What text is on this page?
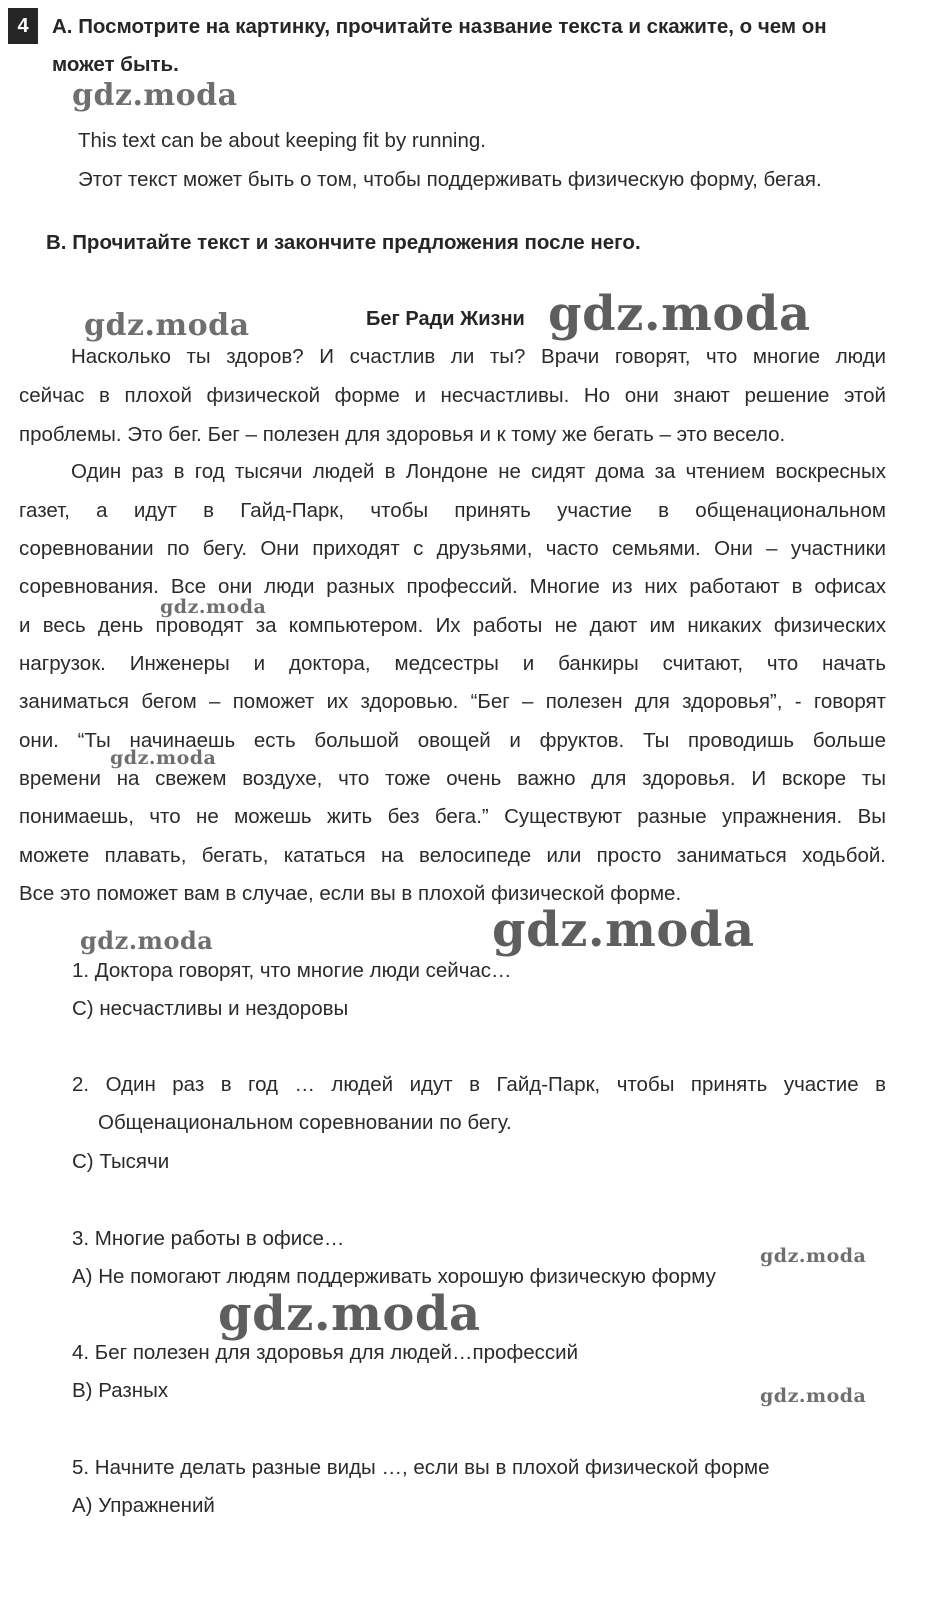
4	A. Посмотрите на картинку, прочитайте название текста и скажите, о чем он
может быть.
This text can be about keeping fit by running.
Этот текст может быть о том, чтобы поддерживать физическую форму, бегая.
B. Прочитайте текст и закончите предложения после него.
Бег Ради Жизни
Насколько ты здоров? И счастлив ли ты? Врачи говорят, что многие люди
сейчас в плохой физической форме и несчастливы. Но они знают решение этой
проблемы. Это бег. Бег – полезен для здоровья и к тому же бегать – это весело.
Один раз в год тысячи людей в Лондоне не сидят дома за чтением воскресных
газет, а идут в Гайд-Парк, чтобы принять участие в общенациональном
соревновании по бегу. Они приходят с друзьями, часто семьями. Они – участники
соревнования. Все они люди разных профессий. Многие из них работают в офисах
и весь день проводят за компьютером. Их работы не дают им никаких физических
нагрузок. Инженеры и доктора, медсестры и банкиры считают, что начать
заниматься бегом – поможет их здоровью. “Бег – полезен для здоровья”, - говорят
они. “Ты начинаешь есть большой овощей и фруктов. Ты проводишь больше
времени на свежем воздухе, что тоже очень важно для здоровья. И вскоре ты
понимаешь, что не можешь жить без бега.” Существуют разные упражнения. Вы
можете плавать, бегать, кататься на велосипеде или просто заниматься ходьбой.
Все это поможет вам в случае, если вы в плохой физической форме.
1. Доктора говорят, что многие люди сейчас…
C) несчастливы и нездоровы
2. Один раз в год … людей идут в Гайд-Парк, чтобы принять участие в
Общенациональном соревновании по бегу.
C) Тысячи
3. Многие работы в офисе…
A) Не помогают людям поддерживать хорошую физическую форму
4. Бег полезен для здоровья для людей…профессий
B) Разных
5. Начните делать разные виды …, если вы в плохой физической форме
A) Упражнений
gdz.moda
gdz.moda	gdz.moda
gdz.moda
gdz.moda
gdz.moda	gdz.moda
gdz.moda
gdz.moda
gdz.moda
